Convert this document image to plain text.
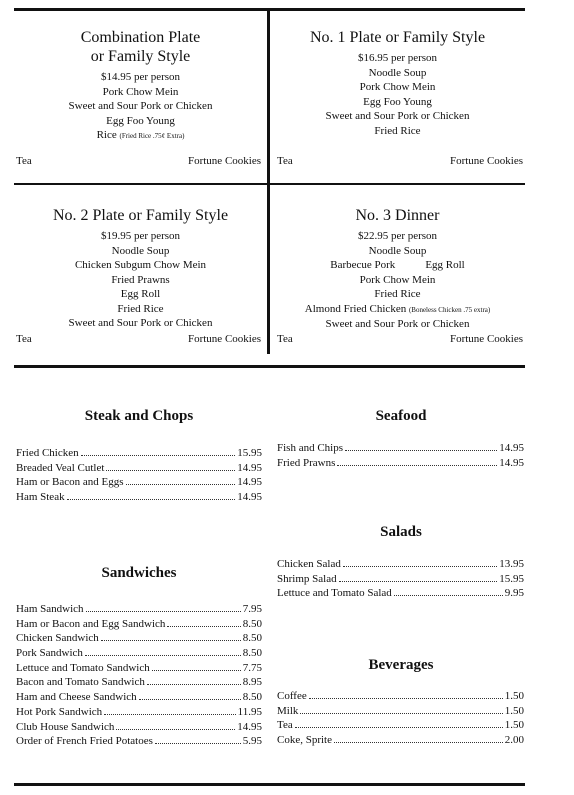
Combination Plate
or Family Style
$14.95 per person
Pork Chow Mein
Sweet and Sour Pork or Chicken
Egg Foo Young
Rice (Fried Rice .75¢ Extra)
Tea	Fortune Cookies
No. 1 Plate or Family Style
$16.95 per person
Noodle Soup
Pork Chow Mein
Egg Foo Young
Sweet and Sour Pork or Chicken
Fried Rice
Tea	Fortune Cookies
No. 2 Plate or Family Style
$19.95 per person
Noodle Soup
Chicken Subgum Chow Mein
Fried Prawns
Egg Roll
Fried Rice
Sweet and Sour Pork or Chicken
Tea	Fortune Cookies
No. 3 Dinner
$22.95 per person
Noodle Soup
Barbecue Pork	Egg Roll
Pork Chow Mein
Fried Rice
Almond Fried Chicken (Boneless Chicken .75 extra)
Sweet and Sour Pork or Chicken
Tea	Fortune Cookies
Steak and Chops	Seafood
Salads
Sandwiches
Beverages
Fried Chicken	15.95
Breaded Veal Cutlet	14.95
Ham or Bacon and Eggs	14.95
Ham Steak	14.95
Fish and Chips	14.95
Fried Prawns	14.95
Chicken Salad	13.95
Shrimp Salad	15.95
Lettuce and Tomato Salad	9.95
Ham Sandwich	7.95
Ham or Bacon and Egg Sandwich	8.50
Chicken Sandwich	8.50
Pork Sandwich	8.50
Lettuce and Tomato Sandwich	7.75
Bacon and Tomato Sandwich	8.95
Ham and Cheese Sandwich	8.50
Hot Pork Sandwich	11.95
Club House Sandwich	14.95
Order of French Fried Potatoes	5.95
Coffee	1.50
Milk	1.50
Tea	1.50
Coke, Sprite	2.00
